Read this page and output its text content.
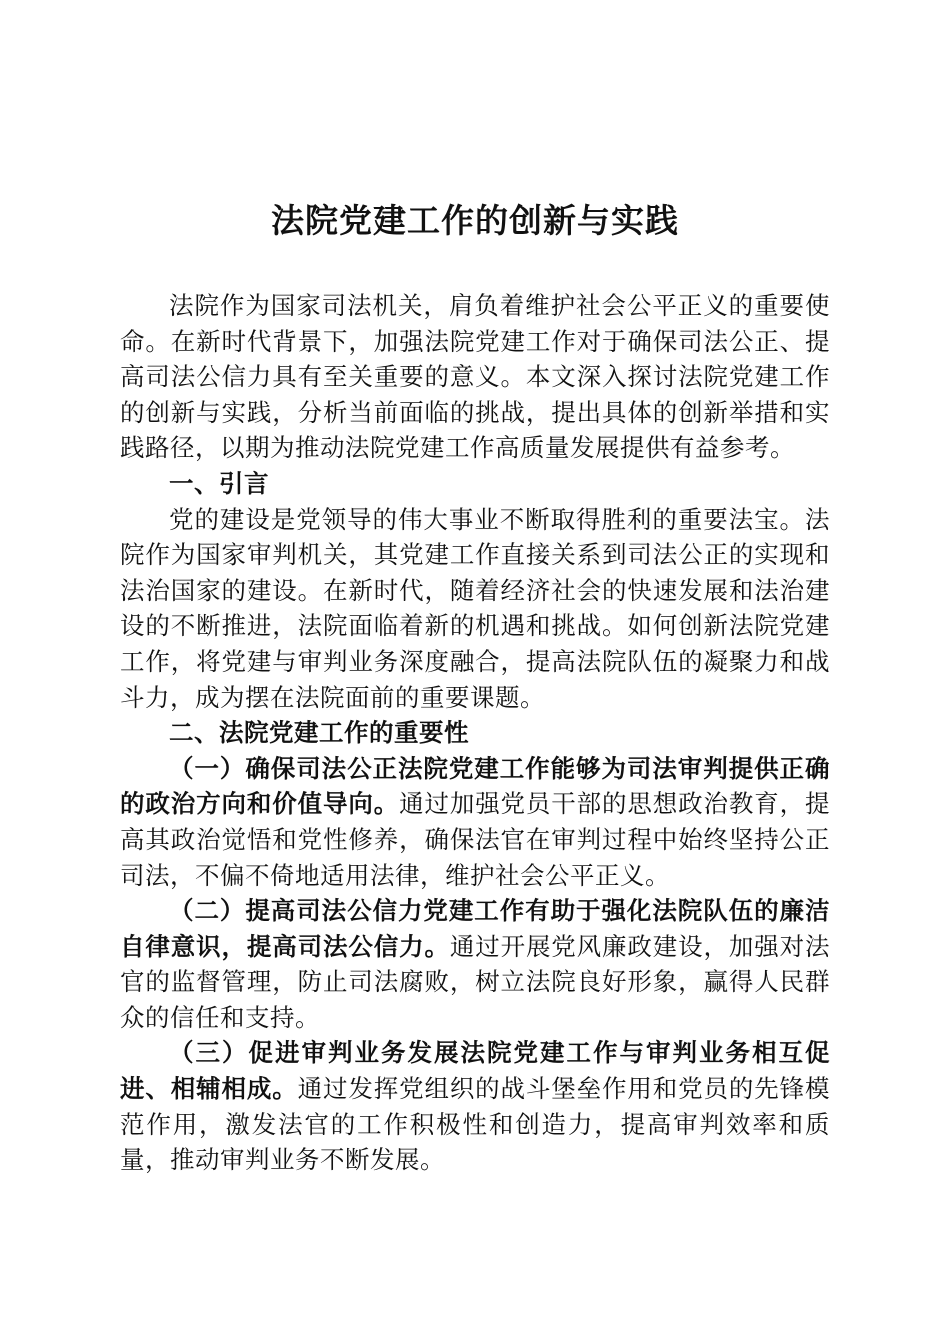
法院党建工作的创新与实践

法院作为国家司法机关，肩负着维护社会公平正义的重要使命。在新时代背景下，加强法院党建工作对于确保司法公正、提高司法公信力具有至关重要的意义。本文深入探讨法院党建工作的创新与实践，分析当前面临的挑战，提出具体的创新举措和实践路径，以期为推动法院党建工作高质量发展提供有益参考。

一、引言

党的建设是党领导的伟大事业不断取得胜利的重要法宝。法院作为国家审判机关，其党建工作直接关系到司法公正的实现和法治国家的建设。在新时代，随着经济社会的快速发展和法治建设的不断推进，法院面临着新的机遇和挑战。如何创新法院党建工作，将党建与审判业务深度融合，提高法院队伍的凝聚力和战斗力，成为摆在法院面前的重要课题。

二、法院党建工作的重要性

（一）确保司法公正法院党建工作能够为司法审判提供正确的政治方向和价值导向。通过加强党员干部的思想政治教育，提高其政治觉悟和党性修养，确保法官在审判过程中始终坚持公正司法，不偏不倚地适用法律，维护社会公平正义。

（二）提高司法公信力党建工作有助于强化法院队伍的廉洁自律意识，提高司法公信力。通过开展党风廉政建设，加强对法官的监督管理，防止司法腐败，树立法院良好形象，赢得人民群众的信任和支持。

（三）促进审判业务发展法院党建工作与审判业务相互促进、相辅相成。通过发挥党组织的战斗堡垒作用和党员的先锋模范作用，激发法官的工作积极性和创造力，提高审判效率和质量，推动审判业务不断发展。
